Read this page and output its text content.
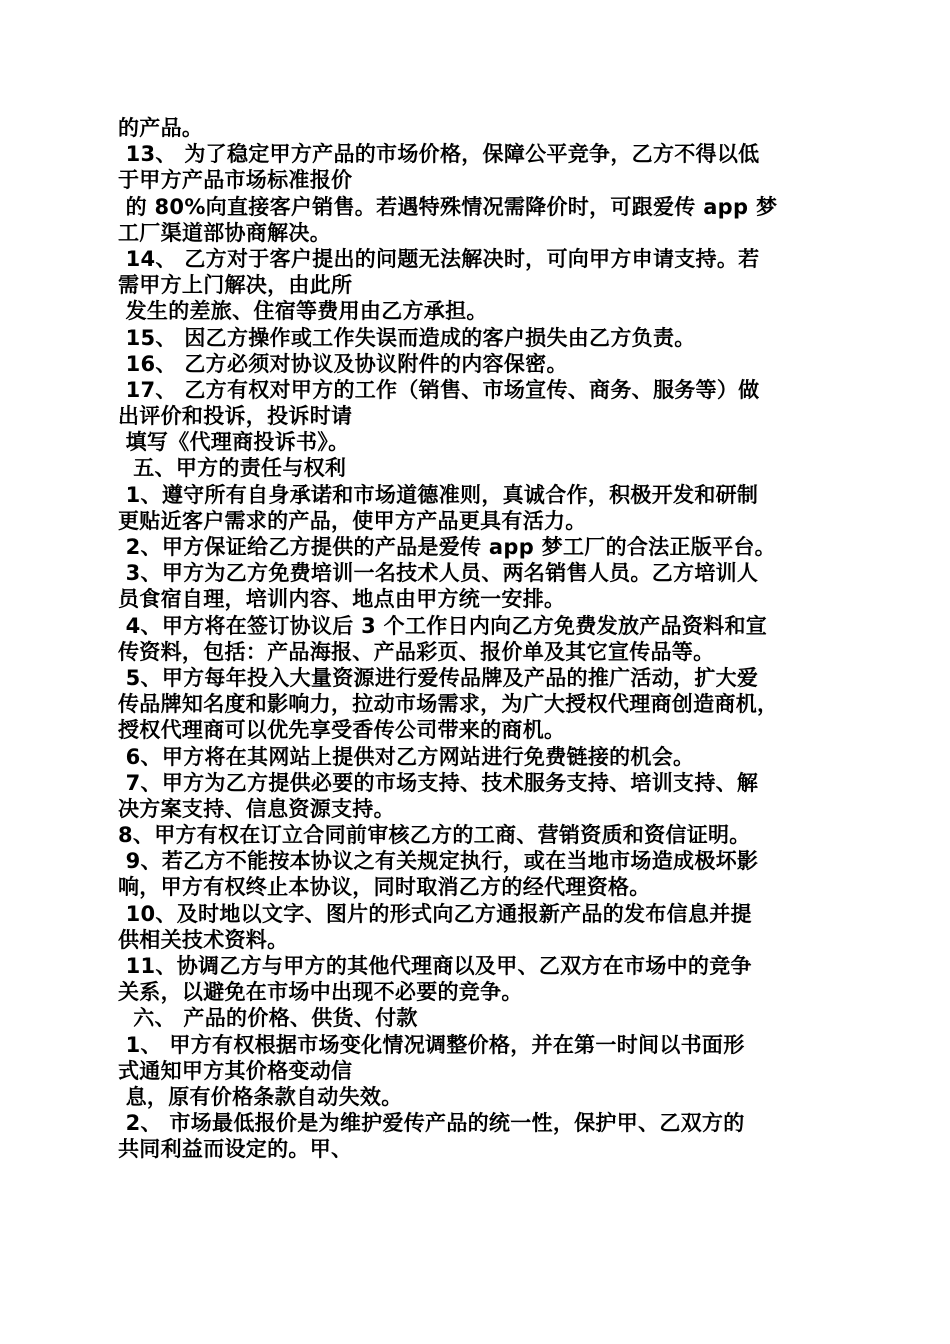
的产品。
13、 为了稳定甲方产品的市场价格，保障公平竞争，乙方不得以低
于甲方产品市场标准报价
的 80%向直接客户销售。若遇特殊情况需降价时，可跟爱传 app 梦
工厂渠道部协商解决。
14、 乙方对于客户提出的问题无法解决时，可向甲方申请支持。若
需甲方上门解决，由此所
发生的差旅、住宿等费用由乙方承担。
15、 因乙方操作或工作失误而造成的客户损失由乙方负责。
16、 乙方必须对协议及协议附件的内容保密。
17、 乙方有权对甲方的工作（销售、市场宣传、商务、服务等）做
出评价和投诉，投诉时请
填写《代理商投诉书》。
五、甲方的责任与权利
1、遵守所有自身承诺和市场道德准则，真诚合作，积极开发和研制
更贴近客户需求的产品，使甲方产品更具有活力。
2、甲方保证给乙方提供的产品是爱传 app 梦工厂的合法正版平台。
3、甲方为乙方免费培训一名技术人员、两名销售人员。乙方培训人
员食宿自理，培训内容、地点由甲方统一安排。
4、甲方将在签订协议后 3 个工作日内向乙方免费发放产品资料和宣
传资料，包括：产品海报、产品彩页、报价单及其它宣传品等。
5、甲方每年投入大量资源进行爱传品牌及产品的推广活动，扩大爱
传品牌知名度和影响力，拉动市场需求，为广大授权代理商创造商机，
授权代理商可以优先享受香传公司带来的商机。
6、甲方将在其网站上提供对乙方网站进行免费链接的机会。
7、甲方为乙方提供必要的市场支持、技术服务支持、培训支持、解
决方案支持、信息资源支持。
8、甲方有权在订立合同前审核乙方的工商、营销资质和资信证明。
9、若乙方不能按本协议之有关规定执行，或在当地市场造成极坏影
响，甲方有权终止本协议，同时取消乙方的经代理资格。
10、及时地以文字、图片的形式向乙方通报新产品的发布信息并提
供相关技术资料。
11、协调乙方与甲方的其他代理商以及甲、乙双方在市场中的竞争
关系，以避免在市场中出现不必要的竞争。
六、 产品的价格、供货、付款
1、 甲方有权根据市场变化情况调整价格，并在第一时间以书面形
式通知甲方其价格变动信
息，原有价格条款自动失效。
2、 市场最低报价是为维护爱传产品的统一性，保护甲、乙双方的
共同利益而设定的。甲、
